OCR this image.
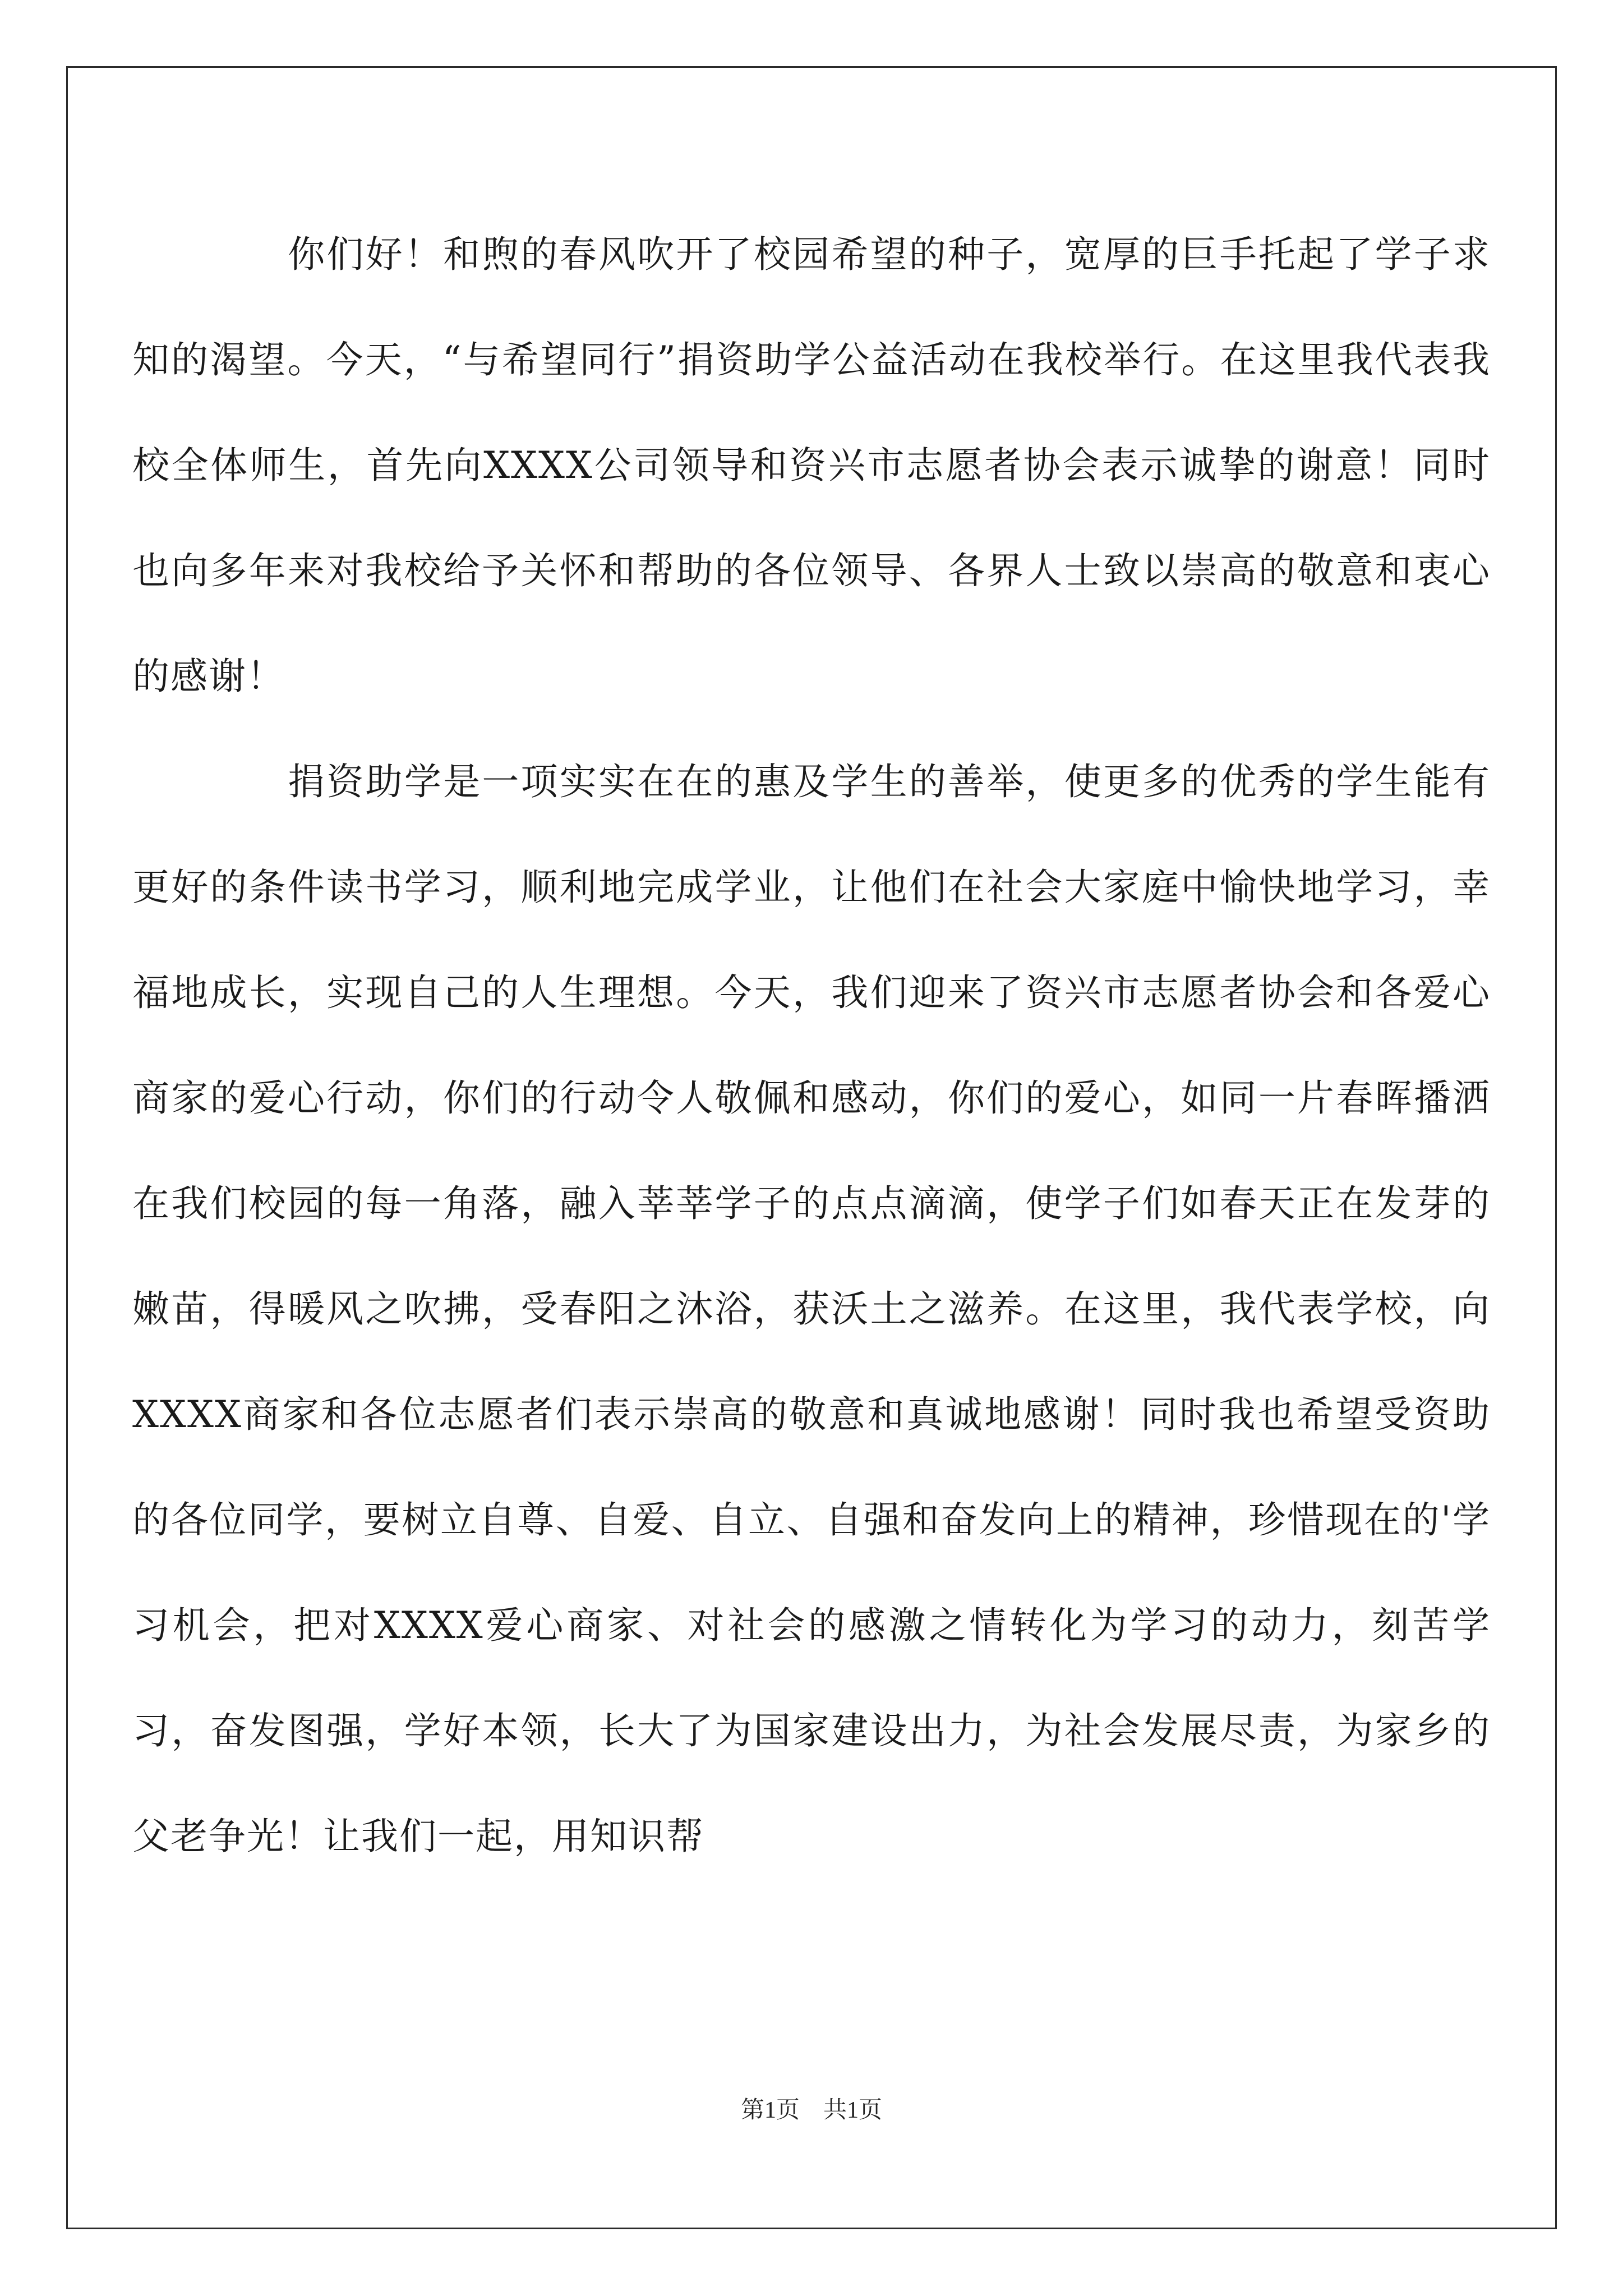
你们好！和煦的春风吹开了校园希望的种子，宽厚的巨手托起了学子求知的渴望。今天，“与希望同行”捐资助学公益活动在我校举行。在这里我代表我校全体师生，首先向XXXX公司领导和资兴市志愿者协会表示诚挚的谢意！同时也向多年来对我校给予关怀和帮助的各位领导、各界人士致以崇高的敬意和衷心的感谢！

捐资助学是一项实实在在的惠及学生的善举，使更多的优秀的学生能有更好的条件读书学习，顺利地完成学业，让他们在社会大家庭中愉快地学习，幸福地成长，实现自己的人生理想。今天，我们迎来了资兴市志愿者协会和各爱心商家的爱心行动，你们的行动令人敬佩和感动，你们的爱心，如同一片春晖播洒在我们校园的每一角落，融入莘莘学子的点点滴滴，使学子们如春天正在发芽的嫩苗，得暖风之吹拂，受春阳之沐浴，获沃土之滋养。在这里，我代表学校，向XXXX商家和各位志愿者们表示崇高的敬意和真诚地感谢！同时我也希望受资助的各位同学，要树立自尊、自爱、自立、自强和奋发向上的精神，珍惜现在的'学习机会，把对XXXX爱心商家、对社会的感激之情转化为学习的动力，刻苦学习，奋发图强，学好本领，长大了为国家建设出力，为社会发展尽责，为家乡的父老争光！让我们一起，用知识帮

第1页　共1页
